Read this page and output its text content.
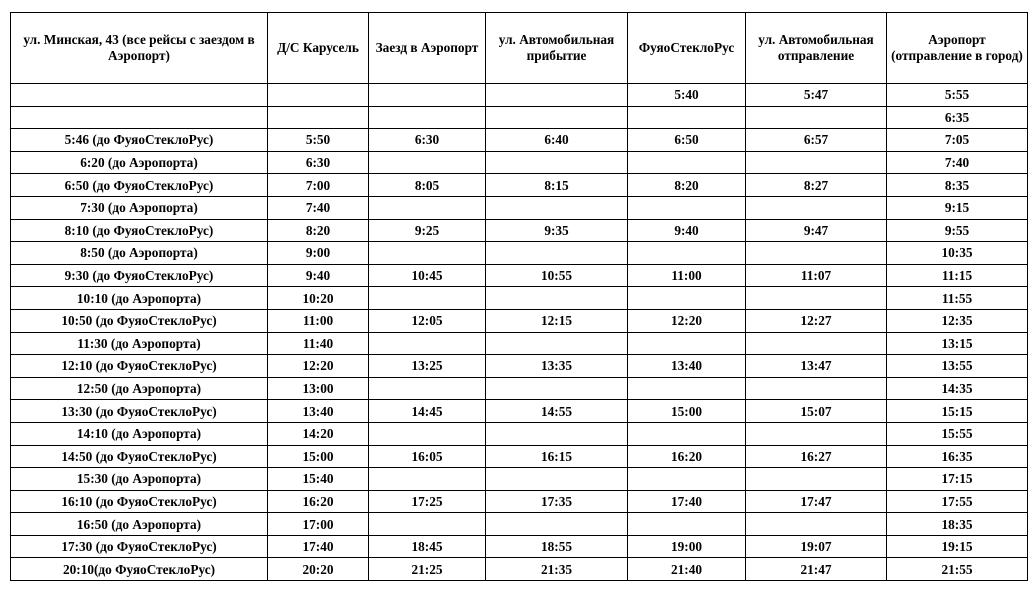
ул. Минская, 43 (все рейсы с заездом в Аэропорт)	Д/С Карусель	Заезд в Аэропорт	ул. Автомобильная прибытие	ФуяоСтеклоРус	ул. Автомобильная отправление	Аэропорт (отправление в город)
				5:40	5:47	5:55
						6:35
5:46 (до ФуяоСтеклоРус)	5:50	6:30	6:40	6:50	6:57	7:05
6:20 (до Аэропорта)	6:30					7:40
6:50 (до ФуяоСтеклоРус)	7:00	8:05	8:15	8:20	8:27	8:35
7:30 (до Аэропорта)	7:40					9:15
8:10 (до ФуяоСтеклоРус)	8:20	9:25	9:35	9:40	9:47	9:55
8:50 (до Аэропорта)	9:00					10:35
9:30 (до ФуяоСтеклоРус)	9:40	10:45	10:55	11:00	11:07	11:15
10:10 (до Аэропорта)	10:20					11:55
10:50 (до ФуяоСтеклоРус)	11:00	12:05	12:15	12:20	12:27	12:35
11:30 (до Аэропорта)	11:40					13:15
12:10 (до ФуяоСтеклоРус)	12:20	13:25	13:35	13:40	13:47	13:55
12:50 (до Аэропорта)	13:00					14:35
13:30 (до ФуяоСтеклоРус)	13:40	14:45	14:55	15:00	15:07	15:15
14:10 (до Аэропорта)	14:20					15:55
14:50 (до ФуяоСтеклоРус)	15:00	16:05	16:15	16:20	16:27	16:35
15:30 (до Аэропорта)	15:40					17:15
16:10 (до ФуяоСтеклоРус)	16:20	17:25	17:35	17:40	17:47	17:55
16:50 (до Аэропорта)	17:00					18:35
17:30 (до ФуяоСтеклоРус)	17:40	18:45	18:55	19:00	19:07	19:15
20:10(до ФуяоСтеклоРус)	20:20	21:25	21:35	21:40	21:47	21:55
